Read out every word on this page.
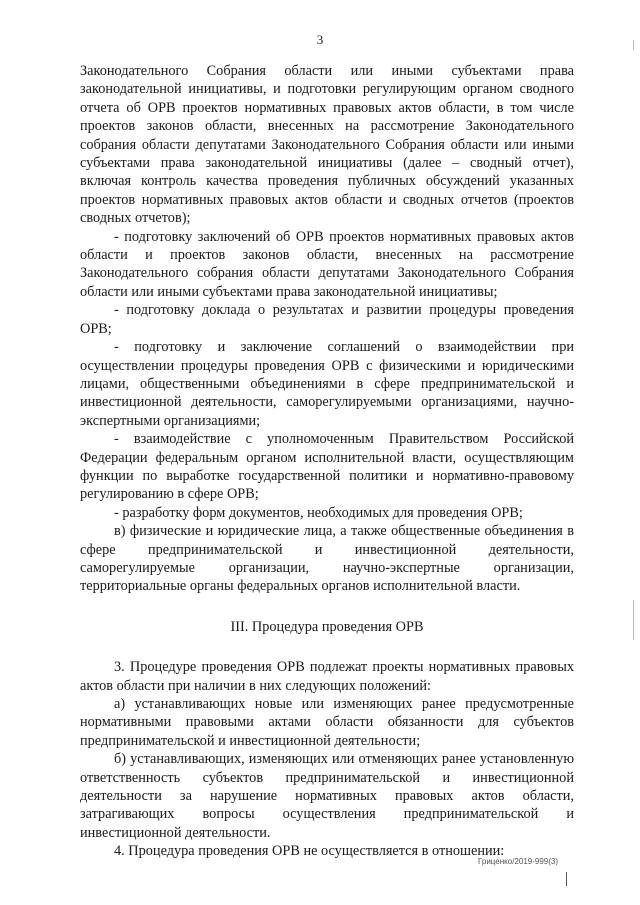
3

Законодательного Собрания области или иными субъектами права законодательной инициативы, и подготовки регулирующим органом сводного отчета об ОРВ проектов нормативных правовых актов области, в том числе проектов законов области, внесенных на рассмотрение Законодательного собрания области депутатами Законодательного Собрания области или иными субъектами права законодательной инициативы (далее – сводный отчет), включая контроль качества проведения публичных обсуждений указанных проектов нормативных правовых актов области и сводных отчетов (проектов сводных отчетов);

- подготовку заключений об ОРВ проектов нормативных правовых актов области и проектов законов области, внесенных на рассмотрение Законодательного собрания области депутатами Законодательного Собрания области или иными субъектами права законодательной инициативы;

- подготовку доклада о результатах и развитии процедуры проведения ОРВ;

- подготовку и заключение соглашений о взаимодействии при осуществлении процедуры проведения ОРВ с физическими и юридическими лицами, общественными объединениями в сфере предпринимательской и инвестиционной деятельности, саморегулируемыми организациями, научно-экспертными организациями;

- взаимодействие с уполномоченным Правительством Российской Федерации федеральным органом исполнительной власти, осуществляющим функции по выработке государственной политики и нормативно-правовому регулированию в сфере ОРВ;

- разработку форм документов, необходимых для проведения ОРВ;

в) физические и юридические лица, а также общественные объединения в сфере предпринимательской и инвестиционной деятельности, саморегулируемые организации, научно-экспертные организации, территориальные органы федеральных органов исполнительной власти.

III. Процедура проведения ОРВ

3. Процедуре проведения ОРВ подлежат проекты нормативных правовых актов области при наличии в них следующих положений:

а) устанавливающих новые или изменяющих ранее предусмотренные нормативными правовыми актами области обязанности для субъектов предпринимательской и инвестиционной деятельности;

б) устанавливающих, изменяющих или отменяющих ранее установленную ответственность субъектов предпринимательской и инвестиционной деятельности за нарушение нормативных правовых актов области, затрагивающих вопросы осуществления предпринимательской и инвестиционной деятельности.

4. Процедура проведения ОРВ не осуществляется в отношении:

Гриценко/2019-999(3)
